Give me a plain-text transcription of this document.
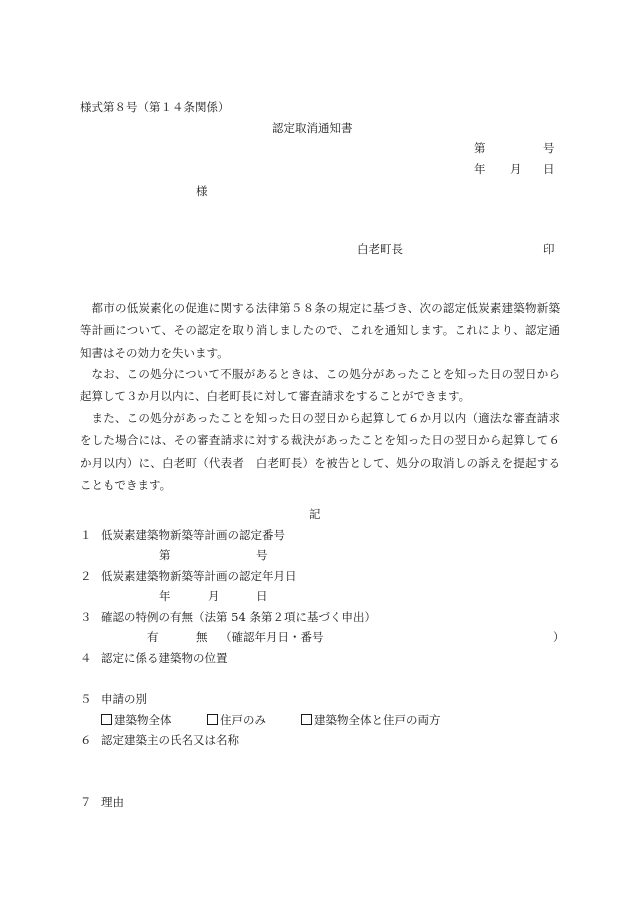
様式第８号（第１４条関係）
認定取消通知書
第	号
年 月 日
様
白老町長	印

都市の低炭素化の促進に関する法律第５８条の規定に基づき、次の認定低炭素建築物新築等計画について、その認定を取り消しましたので、これを通知します。これにより、認定通知書はその効力を失います。

なお、この処分について不服があるときは、この処分があったことを知った日の翌日から起算して３か月以内に、白老町長に対して審査請求をすることができます。

また、この処分があったことを知った日の翌日から起算して６か月以内（適法な審査請求をした場合には、その審査請求に対する裁決があったことを知った日の翌日から起算して６か月以内）に、白老町（代表者　白老町長）を被告として、処分の取消しの訴えを提起することもできます。

記
１ 低炭素建築物新築等計画の認定番号
第	号
２ 低炭素建築物新築等計画の認定年月日
年	月	日
３ 確認の特例の有無（法第 54 条第２項に基づく申出）
有	無 （確認年月日・番号	）
４ 認定に係る建築物の位置
５ 申請の別
建築物全体	住戸のみ	建築物全体と住戸の両方
６ 認定建築主の氏名又は名称
７ 理由
